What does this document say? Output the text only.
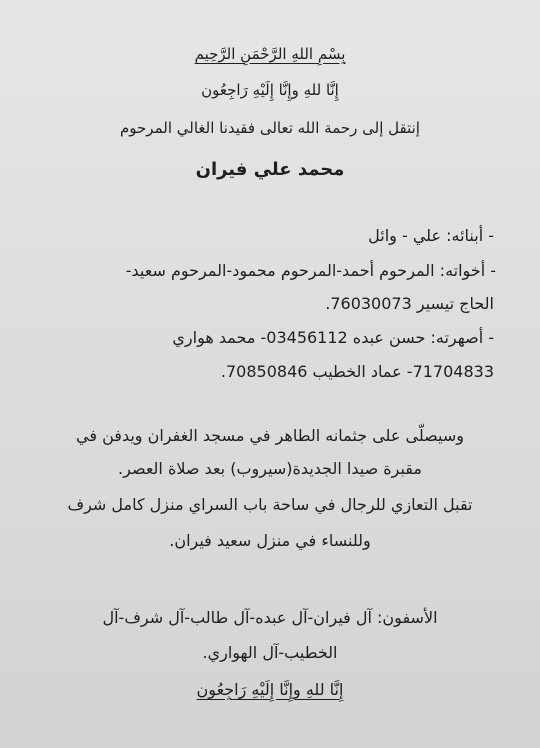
بِسْمِ اللهِ الرَّحْمَنِ الرَّحِيم
إِنَّا للهِ وإِنَّا إِلَيْهِ رَاجِعُون
إنتقل إلى رحمة الله تعالى فقيدنا الغالي المرحوم
محمد علي فيران
- أبنائه: علي - وائل
- أخواته: المرحوم أحمد-المرحوم محمود-المرحوم سعيد-
الحاج تيسير 76030073.
- أصهرته: حسن عبده 03456112- محمد هواري
71704833- عماد الخطيب 70850846.
وسيصلّى على جثمانه الطاهر في مسجد الغفران ويدفن في
مقبرة صيدا الجديدة(سيروب) بعد صلاة العصر.
تقبل التعازي للرجال في ساحة باب السراي منزل كامل شرف
وللنساء في منزل سعيد فيران.
الأسفون: آل فيران-آل عبده-آل طالب-آل شرف-آل
الخطيب-آل الهواري.
إِنَّا للهِ وإِنَّا إِلَيْهِ رَاجِعُون
